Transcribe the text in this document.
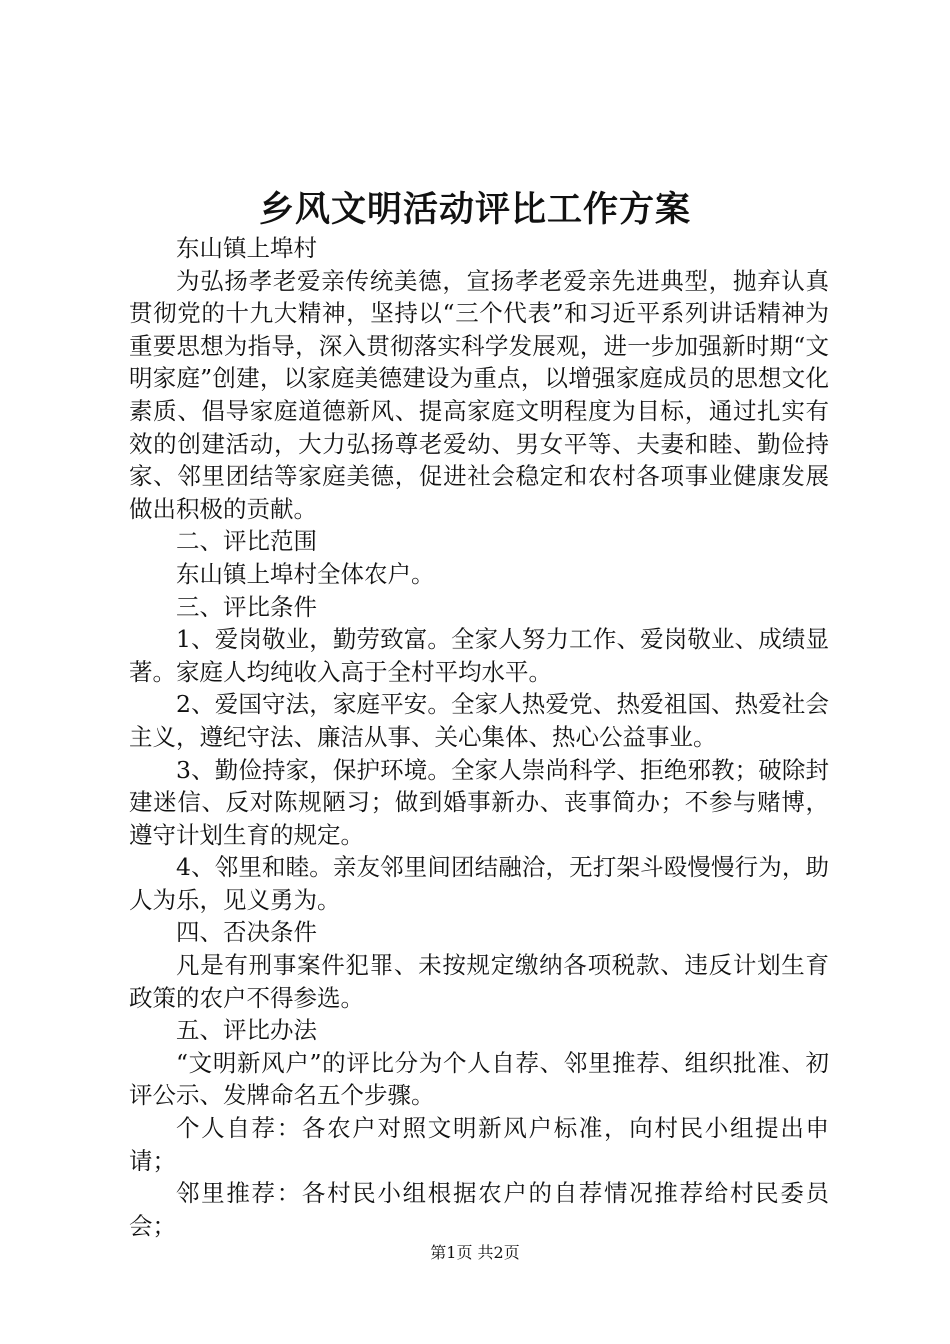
乡风文明活动评比工作方案

东山镇上埠村

为弘扬孝老爱亲传统美德，宣扬孝老爱亲先进典型，抛弃认真贯彻党的十九大精神，坚持以“三个代表”和习近平系列讲话精神为重要思想为指导，深入贯彻落实科学发展观，进一步加强新时期“文明家庭”创建，以家庭美德建设为重点，以增强家庭成员的思想文化素质、倡导家庭道德新风、提高家庭文明程度为目标，通过扎实有效的创建活动，大力弘扬尊老爱幼、男女平等、夫妻和睦、勤俭持家、邻里团结等家庭美德，促进社会稳定和农村各项事业健康发展做出积极的贡献。

二、评比范围

东山镇上埠村全体农户。

三、评比条件

1、爱岗敬业，勤劳致富。全家人努力工作、爱岗敬业、成绩显著。家庭人均纯收入高于全村平均水平。

2、爱国守法，家庭平安。全家人热爱党、热爱祖国、热爱社会主义，遵纪守法、廉洁从事、关心集体、热心公益事业。

3、勤俭持家，保护环境。全家人崇尚科学、拒绝邪教；破除封建迷信、反对陈规陋习；做到婚事新办、丧事简办；不参与赌博，遵守计划生育的规定。

4、邻里和睦。亲友邻里间团结融洽，无打架斗殴慢慢行为，助人为乐，见义勇为。

四、否决条件

凡是有刑事案件犯罪、未按规定缴纳各项税款、违反计划生育政策的农户不得参选。

五、评比办法

“文明新风户”的评比分为个人自荐、邻里推荐、组织批准、初评公示、发牌命名五个步骤。

个人自荐：各农户对照文明新风户标准，向村民小组提出申请；

邻里推荐：各村民小组根据农户的自荐情况推荐给村民委员会；

第1页 共2页
